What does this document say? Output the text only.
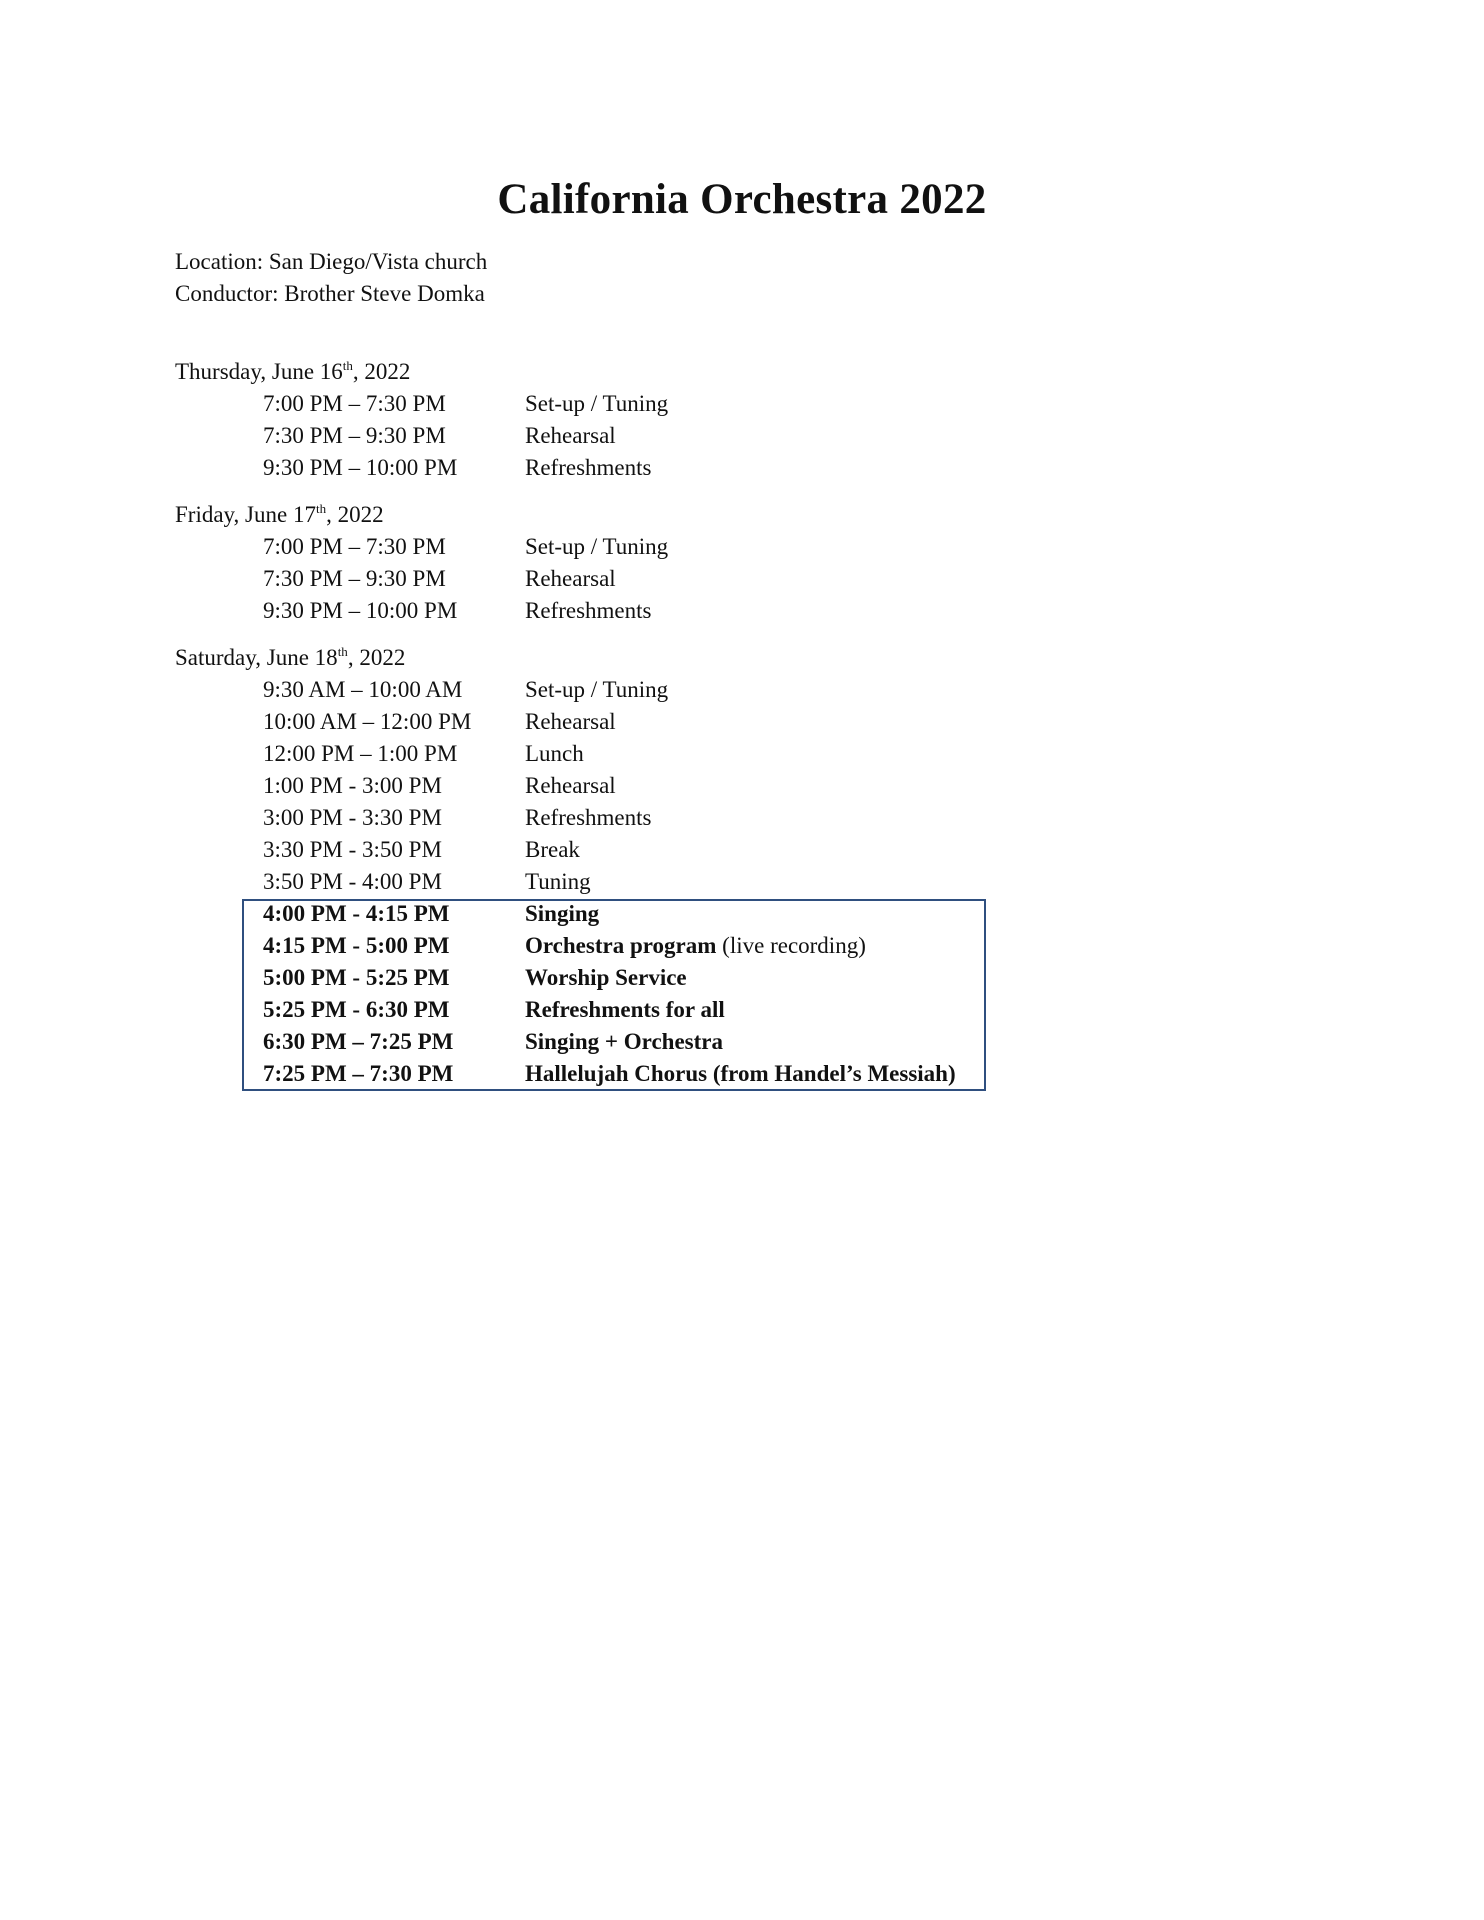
California Orchestra 2022
Location: San Diego/Vista church
Conductor: Brother Steve Domka
Thursday, June 16th, 2022
7:00 PM – 7:30 PM	Set-up / Tuning
7:30 PM – 9:30 PM	Rehearsal
9:30 PM – 10:00 PM	Refreshments
Friday, June 17th, 2022
7:00 PM – 7:30 PM	Set-up / Tuning
7:30 PM – 9:30 PM	Rehearsal
9:30 PM – 10:00 PM	Refreshments
Saturday, June 18th, 2022
9:30 AM – 10:00 AM	Set-up / Tuning
10:00 AM – 12:00 PM Rehearsal
12:00 PM – 1:00 PM	Lunch
1:00 PM - 3:00 PM	Rehearsal
3:00 PM - 3:30 PM	Refreshments
3:30 PM - 3:50 PM	Break
3:50 PM - 4:00 PM	Tuning
4:00 PM - 4:15 PM	Singing
4:15 PM - 5:00 PM	Orchestra program (live recording)
5:00 PM - 5:25 PM	Worship Service
5:25 PM - 6:30 PM	Refreshments for all
6:30 PM – 7:25 PM	Singing + Orchestra
7:25 PM – 7:30 PM	Hallelujah Chorus (from Handel’s Messiah)
